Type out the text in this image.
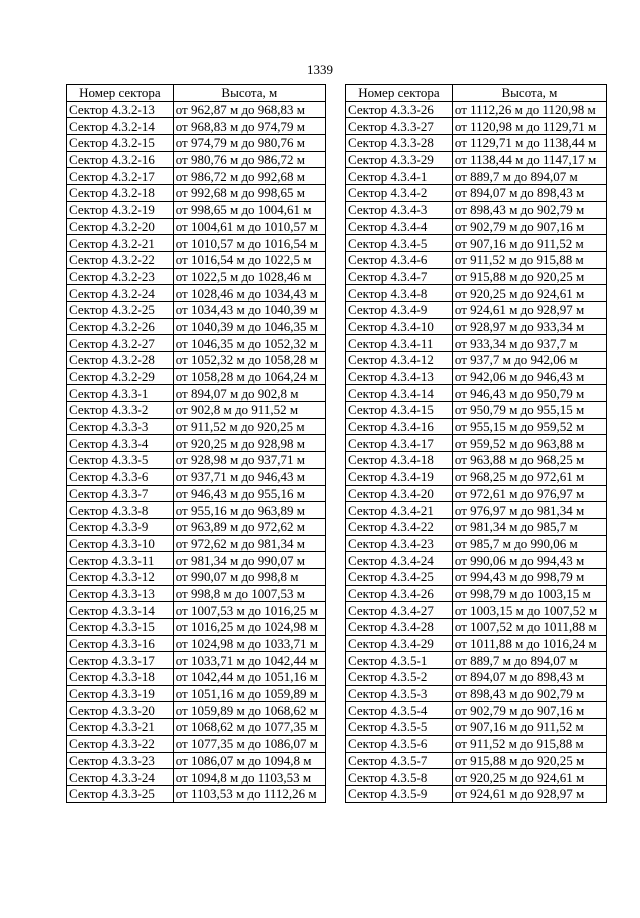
1339
Номер сектора	Высота, м
Сектор 4.3.2-13	от 962,87 м до 968,83 м
Сектор 4.3.2-14	от 968,83 м до 974,79 м
Сектор 4.3.2-15	от 974,79 м до 980,76 м
Сектор 4.3.2-16	от 980,76 м до 986,72 м
Сектор 4.3.2-17	от 986,72 м до 992,68 м
Сектор 4.3.2-18	от 992,68 м до 998,65 м
Сектор 4.3.2-19	от 998,65 м до 1004,61 м
Сектор 4.3.2-20	от 1004,61 м до 1010,57 м
Сектор 4.3.2-21	от 1010,57 м до 1016,54 м
Сектор 4.3.2-22	от 1016,54 м до 1022,5 м
Сектор 4.3.2-23	от 1022,5 м до 1028,46 м
Сектор 4.3.2-24	от 1028,46 м до 1034,43 м
Сектор 4.3.2-25	от 1034,43 м до 1040,39 м
Сектор 4.3.2-26	от 1040,39 м до 1046,35 м
Сектор 4.3.2-27	от 1046,35 м до 1052,32 м
Сектор 4.3.2-28	от 1052,32 м до 1058,28 м
Сектор 4.3.2-29	от 1058,28 м до 1064,24 м
Сектор 4.3.3-1	от 894,07 м до 902,8 м
Сектор 4.3.3-2	от 902,8 м до 911,52 м
Сектор 4.3.3-3	от 911,52 м до 920,25 м
Сектор 4.3.3-4	от 920,25 м до 928,98 м
Сектор 4.3.3-5	от 928,98 м до 937,71 м
Сектор 4.3.3-6	от 937,71 м до 946,43 м
Сектор 4.3.3-7	от 946,43 м до 955,16 м
Сектор 4.3.3-8	от 955,16 м до 963,89 м
Сектор 4.3.3-9	от 963,89 м до 972,62 м
Сектор 4.3.3-10	от 972,62 м до 981,34 м
Сектор 4.3.3-11	от 981,34 м до 990,07 м
Сектор 4.3.3-12	от 990,07 м до 998,8 м
Сектор 4.3.3-13	от 998,8 м до 1007,53 м
Сектор 4.3.3-14	от 1007,53 м до 1016,25 м
Сектор 4.3.3-15	от 1016,25 м до 1024,98 м
Сектор 4.3.3-16	от 1024,98 м до 1033,71 м
Сектор 4.3.3-17	от 1033,71 м до 1042,44 м
Сектор 4.3.3-18	от 1042,44 м до 1051,16 м
Сектор 4.3.3-19	от 1051,16 м до 1059,89 м
Сектор 4.3.3-20	от 1059,89 м до 1068,62 м
Сектор 4.3.3-21	от 1068,62 м до 1077,35 м
Сектор 4.3.3-22	от 1077,35 м до 1086,07 м
Сектор 4.3.3-23	от 1086,07 м до 1094,8 м
Сектор 4.3.3-24	от 1094,8 м до 1103,53 м
Сектор 4.3.3-25	от 1103,53 м до 1112,26 м
Номер сектора	Высота, м
Сектор 4.3.3-26	от 1112,26 м до 1120,98 м
Сектор 4.3.3-27	от 1120,98 м до 1129,71 м
Сектор 4.3.3-28	от 1129,71 м до 1138,44 м
Сектор 4.3.3-29	от 1138,44 м до 1147,17 м
Сектор 4.3.4-1	от 889,7 м до 894,07 м
Сектор 4.3.4-2	от 894,07 м до 898,43 м
Сектор 4.3.4-3	от 898,43 м до 902,79 м
Сектор 4.3.4-4	от 902,79 м до 907,16 м
Сектор 4.3.4-5	от 907,16 м до 911,52 м
Сектор 4.3.4-6	от 911,52 м до 915,88 м
Сектор 4.3.4-7	от 915,88 м до 920,25 м
Сектор 4.3.4-8	от 920,25 м до 924,61 м
Сектор 4.3.4-9	от 924,61 м до 928,97 м
Сектор 4.3.4-10	от 928,97 м до 933,34 м
Сектор 4.3.4-11	от 933,34 м до 937,7 м
Сектор 4.3.4-12	от 937,7 м до 942,06 м
Сектор 4.3.4-13	от 942,06 м до 946,43 м
Сектор 4.3.4-14	от 946,43 м до 950,79 м
Сектор 4.3.4-15	от 950,79 м до 955,15 м
Сектор 4.3.4-16	от 955,15 м до 959,52 м
Сектор 4.3.4-17	от 959,52 м до 963,88 м
Сектор 4.3.4-18	от 963,88 м до 968,25 м
Сектор 4.3.4-19	от 968,25 м до 972,61 м
Сектор 4.3.4-20	от 972,61 м до 976,97 м
Сектор 4.3.4-21	от 976,97 м до 981,34 м
Сектор 4.3.4-22	от 981,34 м до 985,7 м
Сектор 4.3.4-23	от 985,7 м до 990,06 м
Сектор 4.3.4-24	от 990,06 м до 994,43 м
Сектор 4.3.4-25	от 994,43 м до 998,79 м
Сектор 4.3.4-26	от 998,79 м до 1003,15 м
Сектор 4.3.4-27	от 1003,15 м до 1007,52 м
Сектор 4.3.4-28	от 1007,52 м до 1011,88 м
Сектор 4.3.4-29	от 1011,88 м до 1016,24 м
Сектор 4.3.5-1	от 889,7 м до 894,07 м
Сектор 4.3.5-2	от 894,07 м до 898,43 м
Сектор 4.3.5-3	от 898,43 м до 902,79 м
Сектор 4.3.5-4	от 902,79 м до 907,16 м
Сектор 4.3.5-5	от 907,16 м до 911,52 м
Сектор 4.3.5-6	от 911,52 м до 915,88 м
Сектор 4.3.5-7	от 915,88 м до 920,25 м
Сектор 4.3.5-8	от 920,25 м до 924,61 м
Сектор 4.3.5-9	от 924,61 м до 928,97 м
